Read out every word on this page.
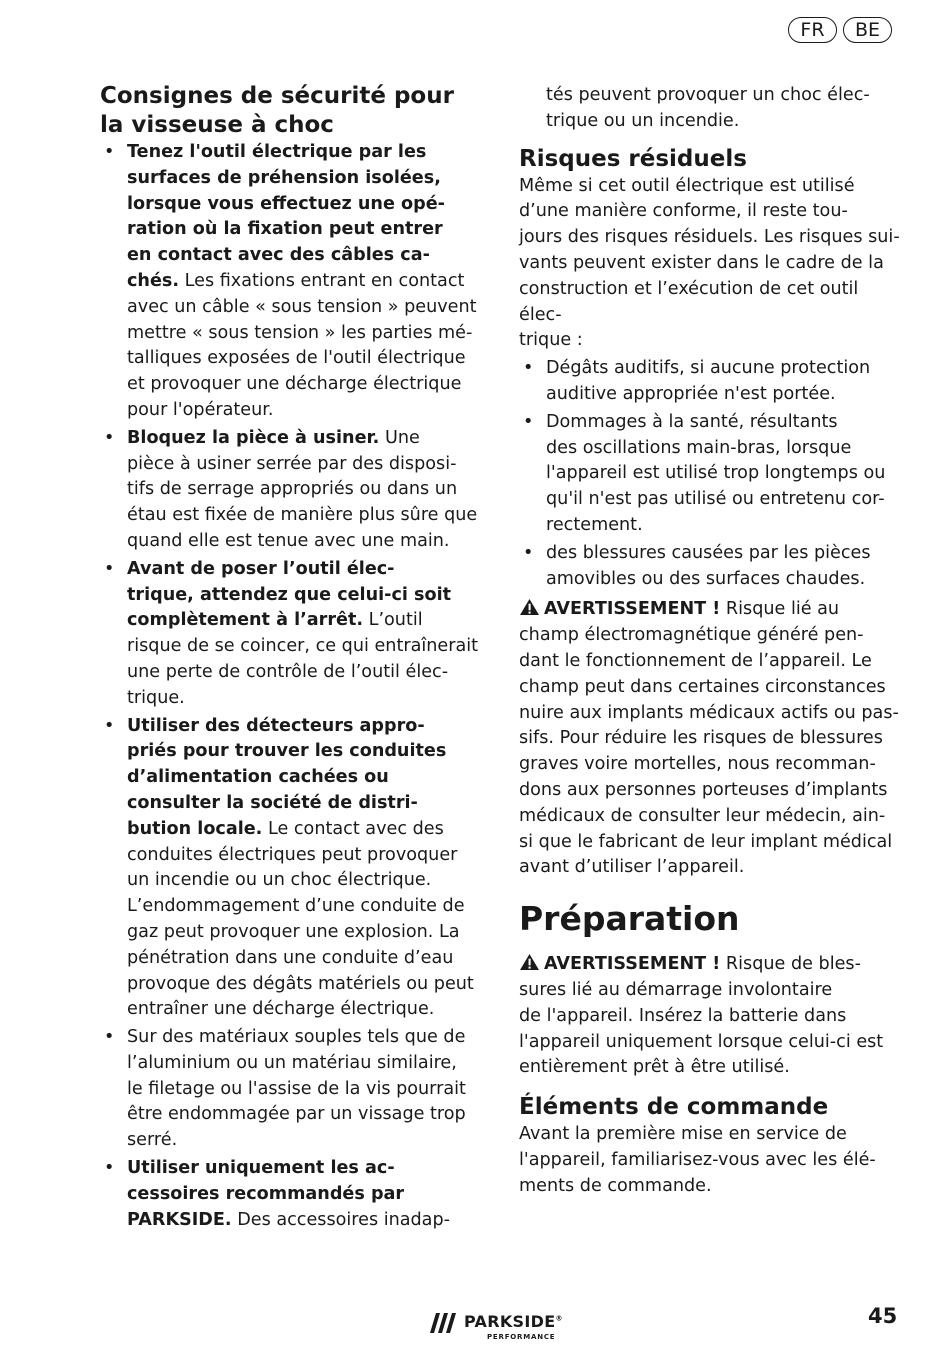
FR	BE
Consignes de sécurité pour
la visseuse à choc
• Tenez l'outil électrique par les
surfaces de préhension isolées,
lorsque vous effectuez une opé-
ration où la fixation peut entrer
en contact avec des câbles ca-
chés. Les fixations entrant en contact
avec un câble « sous tension » peuvent
mettre « sous tension » les parties mé-
talliques exposées de l'outil électrique
et provoquer une décharge électrique
pour l'opérateur.
• Bloquez la pièce à usiner. Une
pièce à usiner serrée par des disposi-
tifs de serrage appropriés ou dans un
étau est fixée de manière plus sûre que
quand elle est tenue avec une main.
• Avant de poser l’outil élec-
trique, attendez que celui-ci soit
complètement à l’arrêt. L’outil
risque de se coincer, ce qui entraînerait
une perte de contrôle de l’outil élec-
trique.
• Utiliser des détecteurs appro-
priés pour trouver les conduites
d’alimentation cachées ou
consulter la société de distri-
bution locale. Le contact avec des
conduites électriques peut provoquer
un incendie ou un choc électrique.
L’endommagement d’une conduite de
gaz peut provoquer une explosion. La
pénétration dans une conduite d’eau
provoque des dégâts matériels ou peut
entraîner une décharge électrique.
• Sur des matériaux souples tels que de
l’aluminium ou un matériau similaire,
le filetage ou l'assise de la vis pourrait
être endommagée par un vissage trop
serré.
• Utiliser uniquement les ac-
cessoires recommandés par
PARKSIDE. Des accessoires inadap-

tés peuvent provoquer un choc élec-

trique ou un incendie.

Risques résiduels

Même si cet outil électrique est utilisé

d’une manière conforme, il reste tou-

jours des risques résiduels. Les risques sui-

vants peuvent exister dans le cadre de la

construction et l’exécution de cet outil élec-

trique :

• Dégâts auditifs, si aucune protection
auditive appropriée n'est portée.
• Dommages à la santé, résultants
des oscillations main-bras, lorsque
l'appareil est utilisé trop longtemps ou
qu'il n'est pas utilisé ou entretenu cor-
rectement.
• des blessures causées par les pièces
amovibles ou des surfaces chaudes.
AVERTISSEMENT ! Risque lié au
champ électromagnétique généré pen-
dant le fonctionnement de l’appareil. Le
champ peut dans certaines circonstances
nuire aux implants médicaux actifs ou pas-
sifs. Pour réduire les risques de blessures
graves voire mortelles, nous recomman-
dons aux personnes porteuses d’implants
médicaux de consulter leur médecin, ain-
si que le fabricant de leur implant médical
avant d’utiliser l’appareil.
Préparation
AVERTISSEMENT ! Risque de bles-
sures lié au démarrage involontaire
de l'appareil. Insérez la batterie dans
l'appareil uniquement lorsque celui-ci est
entièrement prêt à être utilisé.
Éléments de commande

Avant la première mise en service de

l'appareil, familiarisez-vous avec les élé-

ments de commande.

PARKSIDE®
PERFORMANCE
45
